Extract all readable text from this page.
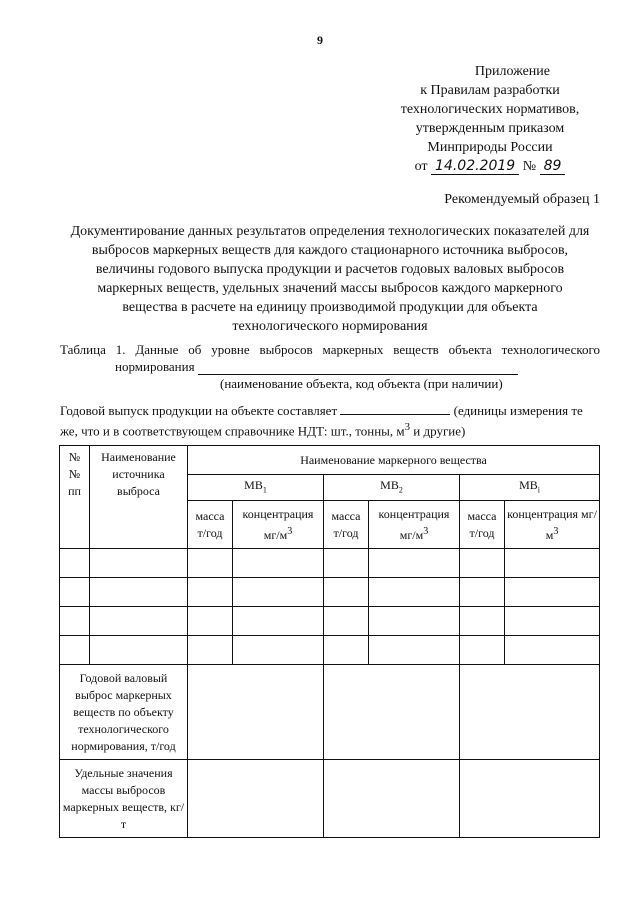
9
Приложение
к Правилам разработки
технологических нормативов,
утвержденным приказом
Минприроды России
от 14.02.2019 № 89
Рекомендуемый образец 1
Документирование данных результатов определения технологических показателей для выбросов маркерных веществ для каждого стационарного источника выбросов, величины годового выпуска продукции и расчетов годовых валовых выбросов маркерных веществ, удельных значений массы выбросов каждого маркерного вещества в расчете на единицу производимой продукции для объекта технологического нормирования
Таблица 1. Данные об уровне выбросов маркерных веществ объекта технологического
нормирования
(наименование объекта, код объекта (при наличии)
Годовой выпуск продукции на объекте составляет	(единицы измерения те
же, что и в соответствующем справочнике НДТ: шт., тонны, $м^3$ и другие)
№ № пп	Наименование источника выброса	Наименование маркерного вещества					
		$МВ_1$		$МВ_2$		$МВ_i$
		масса т/год	концентрация $мг/м^3$	масса т/год	концентрация $мг/м^3$	масса т/год	концентрация $мг/м^3$

Годовой валовый выброс маркерных веществ по объекту технологического нормирования, т/год							
Удельные значения массы выбросов маркерных веществ, кг/т							
